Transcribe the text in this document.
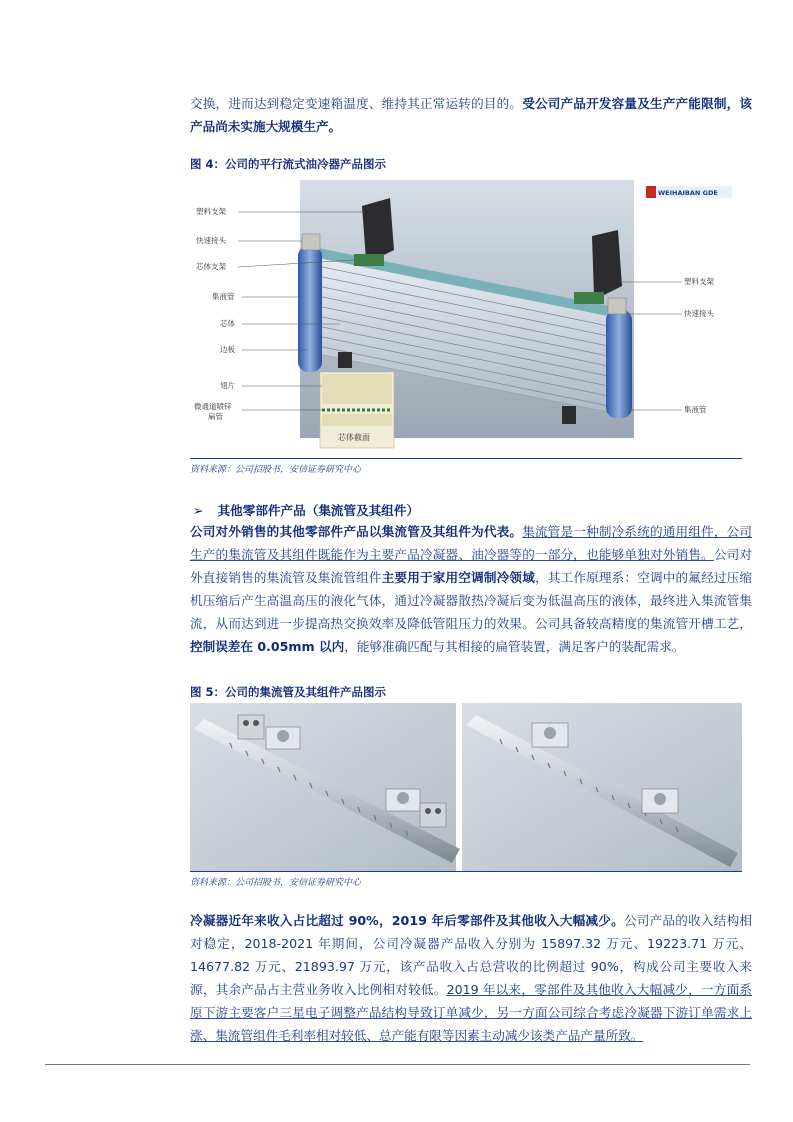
交换，进而达到稳定变速箱温度、维持其正常运转的目的。受公司产品开发容量及生产产能限制，该产品尚未实施大规模生产。
图 4：公司的平行流式油冷器产品图示
WEIHAIBAN GDE
芯体截面
塑料支架
快速接头
芯体支架
集液管
芯体
边板
翅片
微通道喷锌
扁管
塑料支架
快速接头
集液管
资料来源：公司招股书，安信证券研究中心
➢ 其他零部件产品（集流管及其组件）
公司对外销售的其他零部件产品以集流管及其组件为代表。集流管是一种制冷系统的通用组件，公司生产的集流管及其组件既能作为主要产品冷凝器、油冷器等的一部分，也能够单独对外销售。公司对外直接销售的集流管及集流管组件主要用于家用空调制冷领域，其工作原理系：空调中的氟经过压缩机压缩后产生高温高压的液化气体，通过冷凝器散热冷凝后变为低温高压的液体，最终进入集流管集流，从而达到进一步提高热交换效率及降低管阻压力的效果。公司具备较高精度的集流管开槽工艺，控制误差在 0.05mm 以内，能够准确匹配与其相接的扁管装置，满足客户的装配需求。
图 5：公司的集流管及其组件产品图示
资料来源：公司招股书，安信证券研究中心
冷凝器近年来收入占比超过 90%，2019 年后零部件及其他收入大幅减少。公司产品的收入结构相对稳定，2018-2021 年期间，公司冷凝器产品收入分别为 15897.32 万元、19223.71 万元、14677.82 万元、21893.97 万元，该产品收入占总营收的比例超过 90%，构成公司主要收入来源，其余产品占主营业务收入比例相对较低。2019 年以来，零部件及其他收入大幅减少，一方面系原下游主要客户三星电子调整产品结构导致订单减少，另一方面公司综合考虑冷凝器下游订单需求上涨、集流管组件毛利率相对较低、总产能有限等因素主动减少该类产品产量所致。
